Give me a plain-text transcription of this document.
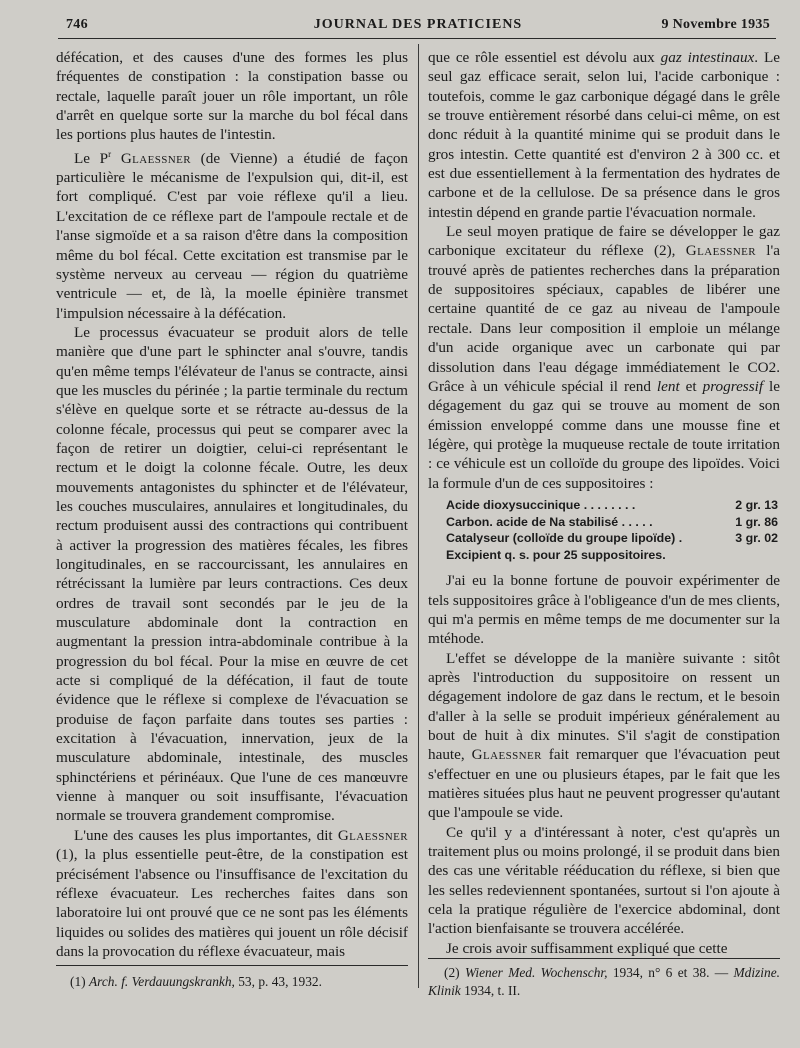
746	JOURNAL DES PRATICIENS	9 Novembre 1935

défécation, et des causes d'une des formes les plus fréquentes de constipation : la constipation basse ou rectale, laquelle paraît jouer un rôle important, un rôle d'arrêt en quelque sorte sur la marche du bol fécal dans les portions plus hautes de l'intestin.

Le $P^r$ Glaessner (de Vienne) a étudié de façon particulière le mécanisme de l'expulsion qui, dit-il, est fort compliqué. C'est par voie réflexe qu'il a lieu. L'excitation de ce réflexe part de l'ampoule rectale et de l'anse sigmoïde et a sa raison d'être dans la composition même du bol fécal. Cette excitation est transmise par le système nerveux au cerveau — région du quatrième ventricule — et, de là, la moelle épinière transmet l'impulsion nécessaire à la défécation.

Le processus évacuateur se produit alors de telle manière que d'une part le sphincter anal s'ouvre, tandis qu'en même temps l'élévateur de l'anus se contracte, ainsi que les muscles du périnée ; la partie terminale du rectum s'élève en quelque sorte et se rétracte au-dessus de la colonne fécale, processus qui peut se comparer avec la façon de retirer un doigtier, celui-ci représentant le rectum et le doigt la colonne fécale. Outre, les deux mouvements antagonistes du sphincter et de l'élévateur, les couches musculaires, annulaires et longitudinales, du rectum produisent aussi des contractions qui contribuent à activer la progression des matières fécales, les fibres longitudinales, en se raccourcissant, les annulaires en rétrécissant la lumière par leurs contractions. Ces deux ordres de travail sont secondés par le jeu de la musculature abdominale dont la contraction en augmentant la pression intra-abdominale contribue à la progression du bol fécal. Pour la mise en œuvre de cet acte si compliqué de la défécation, il faut de toute évidence que le réflexe si complexe de l'évacuation se produise de façon parfaite dans toutes ses parties : excitation à l'évacuation, innervation, jeux de la musculature abdominale, intestinale, des muscles sphinctériens et périnéaux. Que l'une de ces manœuvre vienne à manquer ou soit insuffisante, l'évacuation normale se trouvera grandement compromise.

L'une des causes les plus importantes, dit Glaessner (1), la plus essentielle peut-être, de la constipation est précisément l'absence ou l'insuffisance de l'excitation du réflexe évacuateur. Les recherches faites dans son laboratoire lui ont prouvé que ce ne sont pas les éléments liquides ou solides des matières qui jouent un rôle décisif dans la provocation du réflexe évacuateur, mais

que ce rôle essentiel est dévolu aux gaz intestinaux. Le seul gaz efficace serait, selon lui, l'acide carbonique : toutefois, comme le gaz carbonique dégagé dans le grêle se trouve entièrement résorbé dans celui-ci même, on est donc réduit à la quantité minime qui se produit dans le gros intestin. Cette quantité est d'environ 2 à 300 cc. et est due essentiellement à la fermentation des hydrates de carbone et de la cellulose. De sa présence dans le gros intestin dépend en grande partie l'évacuation normale.

Le seul moyen pratique de faire se développer le gaz carbonique excitateur du réflexe (2), Glaessner l'a trouvé après de patientes recherches dans la préparation de suppositoires spéciaux, capables de libérer une certaine quantité de ce gaz au niveau de l'ampoule rectale. Dans leur composition il emploie un mélange d'un acide organique avec un carbonate qui par dissolution dans l'eau dégage immédiatement le CO2. Grâce à un véhicule spécial il rend lent et progressif le dégagement du gaz qui se trouve au moment de son émission enveloppé comme dans une mousse fine et légère, qui protège la muqueuse rectale de toute irritation : ce véhicule est un colloïde du groupe des lipoïdes. Voici la formule d'un de ces suppositoires :

Acide dioxysuccinique . . . . . . . .	2 gr. 13
Carbon. acide de Na stabilisé . . . . .	1 gr. 86
Catalyseur (colloïde du groupe lipoïde) .	3 gr. 02
Excipient q. s. pour 25 suppositoires.

J'ai eu la bonne fortune de pouvoir expérimenter de tels suppositoires grâce à l'obligeance d'un de mes clients, qui m'a permis en même temps de me documenter sur la mtéhode.

L'effet se développe de la manière suivante : sitôt après l'introduction du suppositoire on ressent un dégagement indolore de gaz dans le rectum, et le besoin d'aller à la selle se produit impérieux généralement au bout de huit à dix minutes. S'il s'agit de constipation haute, Glaessner fait remarquer que l'évacuation peut s'effectuer en une ou plusieurs étapes, par le fait que les matières situées plus haut ne peuvent progresser qu'autant que l'ampoule se vide.

Ce qu'il y a d'intéressant à noter, c'est qu'après un traitement plus ou moins prolongé, il se produit dans bien des cas une véritable rééducation du réflexe, si bien que les selles redeviennent spontanées, surtout si l'on ajoute à cela la pratique régulière de l'exercice abdominal, dont l'action bienfaisante se trouvera accélérée.

Je crois avoir suffisamment expliqué que cette

(1) Arch. f. Verdauungskrankh, 53, p. 43, 1932.
(2) Wiener Med. Wochenschr, 1934, n° 6 et 38. — Mdizine. Klinik 1934, t. II.
